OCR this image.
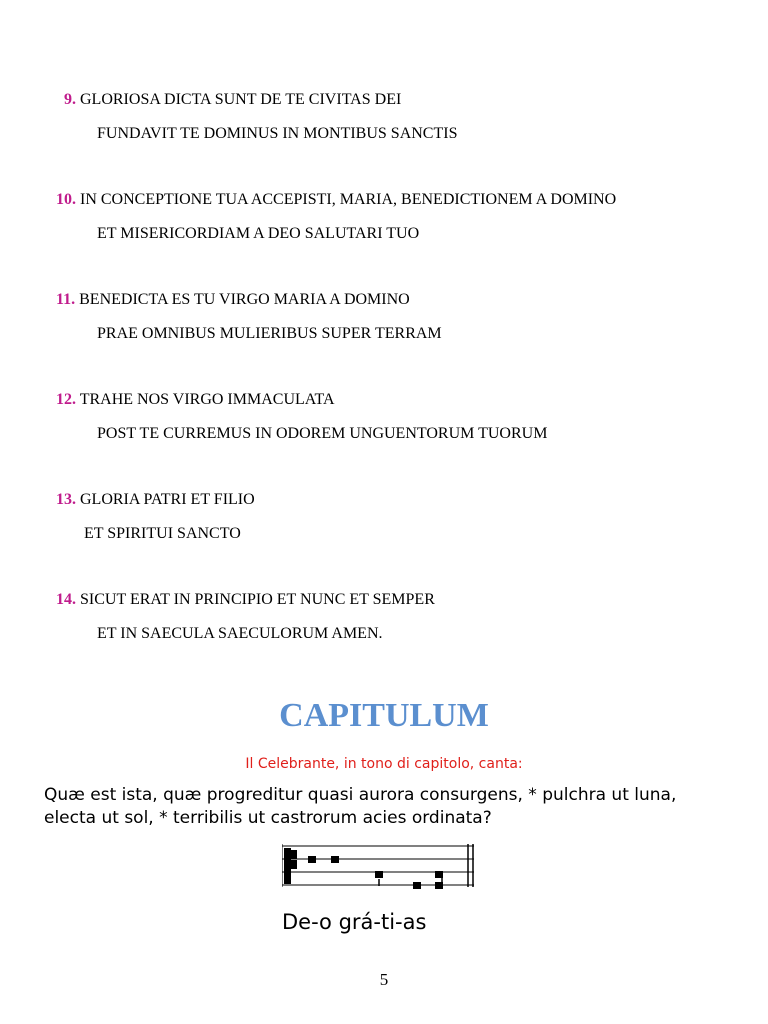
9. GLORIOSA DICTA SUNT DE TE CIVITAS DEI
FUNDAVIT TE DOMINUS IN MONTIBUS SANCTIS
10. IN CONCEPTIONE TUA ACCEPISTI, MARIA, BENEDICTIONEM A DOMINO
ET MISERICORDIAM A DEO SALUTARI TUO
11. BENEDICTA ES TU VIRGO MARIA A DOMINO
PRAE OMNIBUS MULIERIBUS SUPER TERRAM
12. TRAHE NOS VIRGO IMMACULATA
POST TE CURREMUS IN ODOREM UNGUENTORUM TUORUM
13. GLORIA PATRI ET FILIO
ET SPIRITUI SANCTO
14. SICUT ERAT IN PRINCIPIO ET NUNC ET SEMPER
ET IN SAECULA SAECULORUM AMEN.
CAPITULUM
Il Celebrante, in tono di capitolo, canta:
Quæ est ista, quæ progreditur quasi aurora consurgens, * pulchra ut luna, electa ut sol, * terribilis ut castrorum acies ordinata?
De-o grá-ti-as
5
